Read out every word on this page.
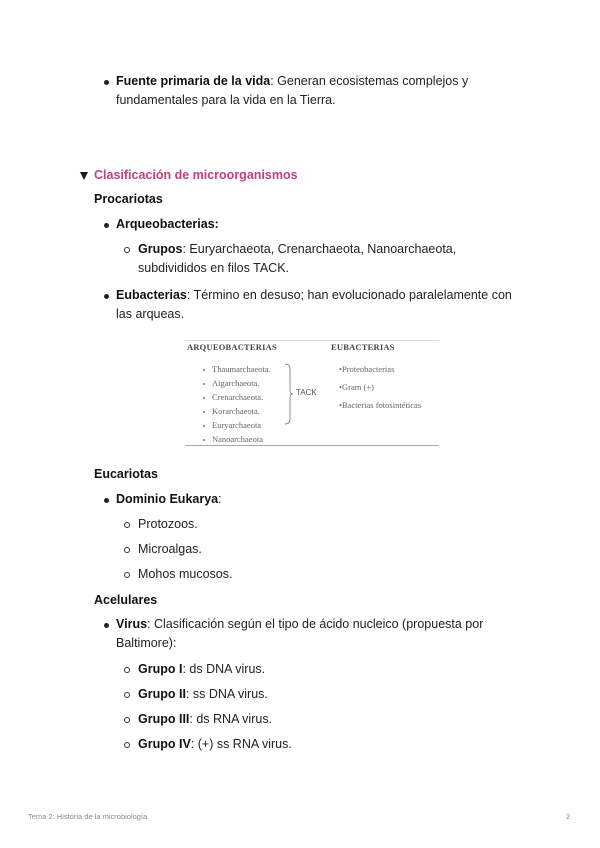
Fuente primaria de la vida: Generan ecosistemas complejos y
fundamentales para la vida en la Tierra.
Clasificación de microorganismos
Procariotas
Arqueobacterias:
Grupos: Euryarchaeota, Crenarchaeota, Nanoarchaeota,
subdivididos en filos TACK.
Eubacterias: Término en desuso; han evolucionado paralelamente con
las arqueas.
ARQUEOBACTERIAS	EUBACTERIAS
Thaumarchaeota.
Aigarchaeota.
Crenarchaeota.
Korarchaeota.
Euryarchaeota
Nanoarchaeota
TACK
•Proteobacterias
•Gram (+)
•Bacterias fotosintéticas
Eucariotas
Dominio Eukarya:
Protozoos.
Microalgas.
Mohos mucosos.
Acelulares
Virus: Clasificación según el tipo de ácido nucleico (propuesta por
Baltimore):
Grupo I: ds DNA virus.
Grupo II: ss DNA virus.
Grupo III: ds RNA virus.
Grupo IV: (+) ss RNA virus.
Tema 2: Historia de la microbiología	2
